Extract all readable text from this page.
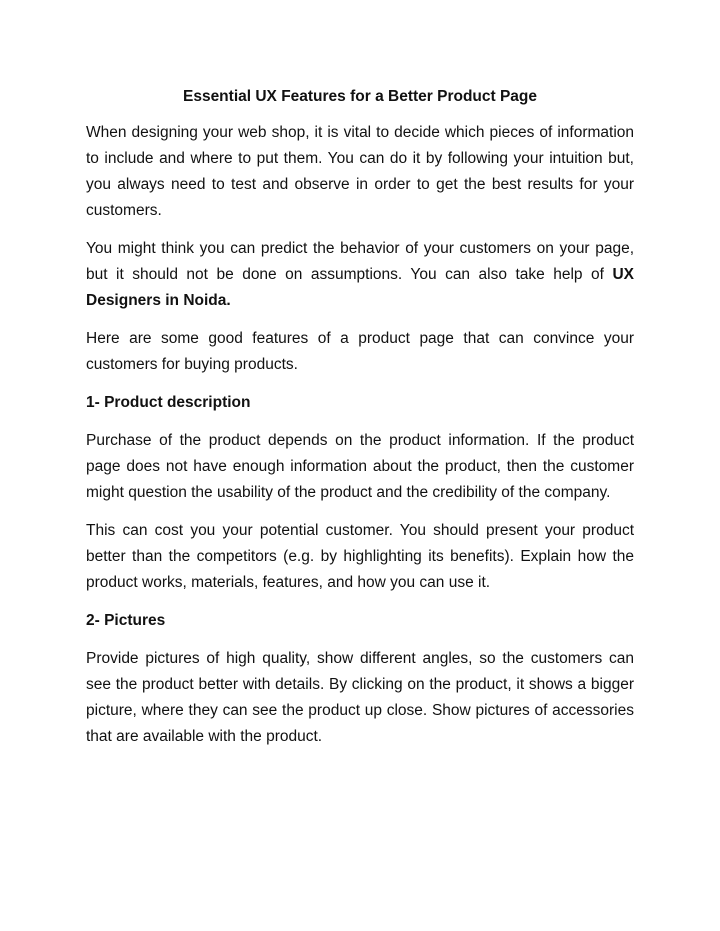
Essential UX Features for a Better Product Page

When designing your web shop, it is vital to decide which pieces of information to include and where to put them. You can do it by following your intuition but, you always need to test and observe in order to get the best results for your customers.

You might think you can predict the behavior of your customers on your page, but it should not be done on assumptions. You can also take help of UX Designers in Noida.

Here are some good features of a product page that can convince your customers for buying products.

1- Product description

Purchase of the product depends on the product information. If the product page does not have enough information about the product, then the customer might question the usability of the product and the credibility of the company.

This can cost you your potential customer. You should present your product better than the competitors (e.g. by highlighting its benefits). Explain how the product works, materials, features, and how you can use it.

2- Pictures

Provide pictures of high quality, show different angles, so the customers can see the product better with details. By clicking on the product, it shows a bigger picture, where they can see the product up close. Show pictures of accessories that are available with the product.
